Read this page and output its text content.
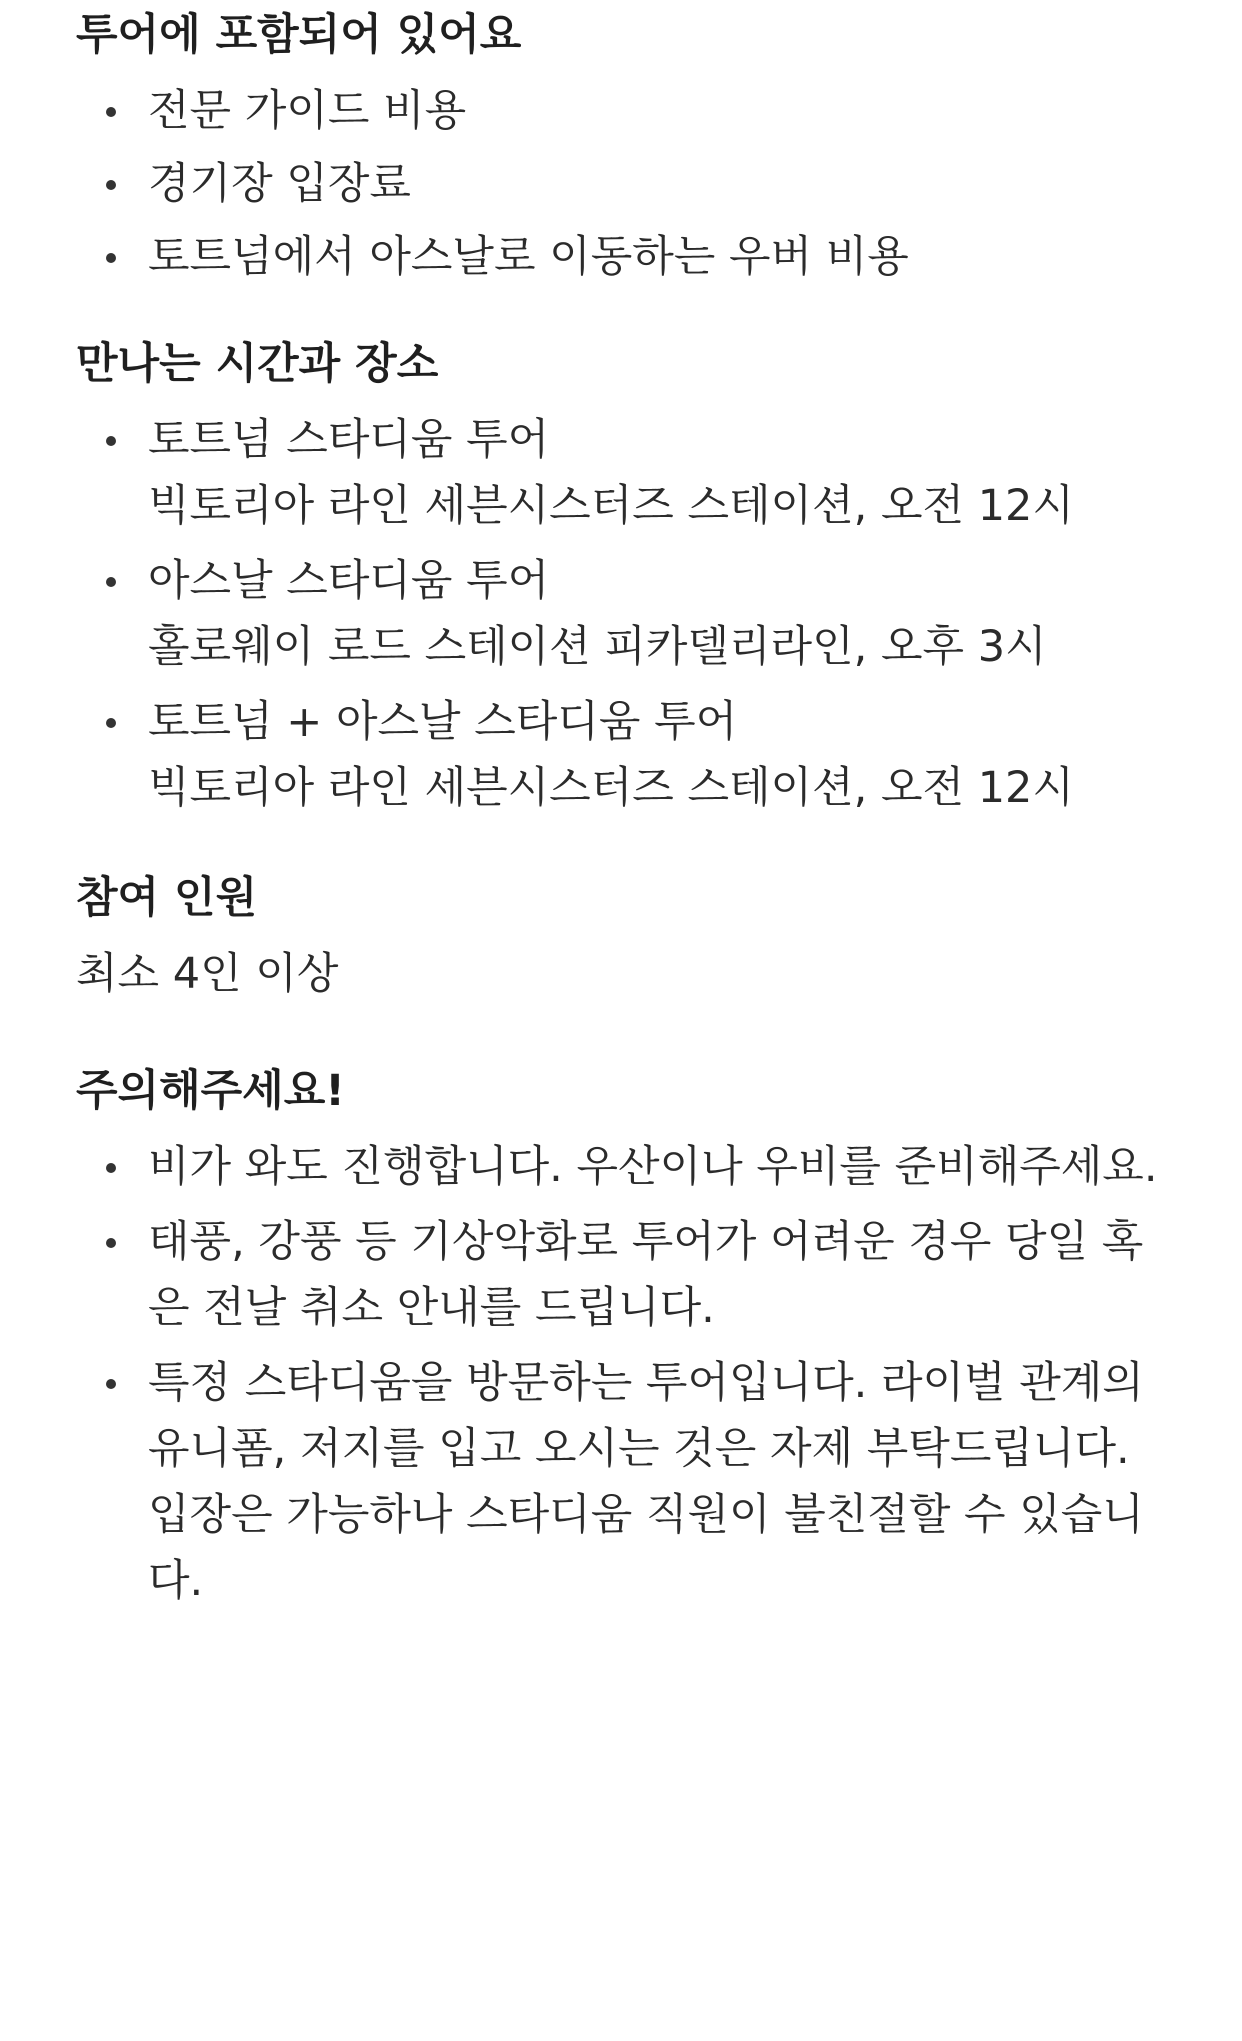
투어에 포함되어 있어요
전문 가이드 비용
경기장 입장료
토트넘에서 아스날로 이동하는 우버 비용
만나는 시간과 장소
토트넘 스타디움 투어
빅토리아 라인 세븐시스터즈 스테이션, 오전 12시
아스날 스타디움 투어
홀로웨이 로드 스테이션 피카델리라인, 오후 3시
토트넘 + 아스날 스타디움 투어
빅토리아 라인 세븐시스터즈 스테이션, 오전 12시
참여 인원
최소 4인 이상
주의해주세요!
비가 와도 진행합니다. 우산이나 우비를 준비해주세요.
태풍, 강풍 등 기상악화로 투어가 어려운 경우 당일 혹은 전날 취소 안내를 드립니다.
특정 스타디움을 방문하는 투어입니다. 라이벌 관계의 유니폼, 저지를 입고 오시는 것은 자제 부탁드립니다. 입장은 가능하나 스타디움 직원이 불친절할 수 있습니다.
